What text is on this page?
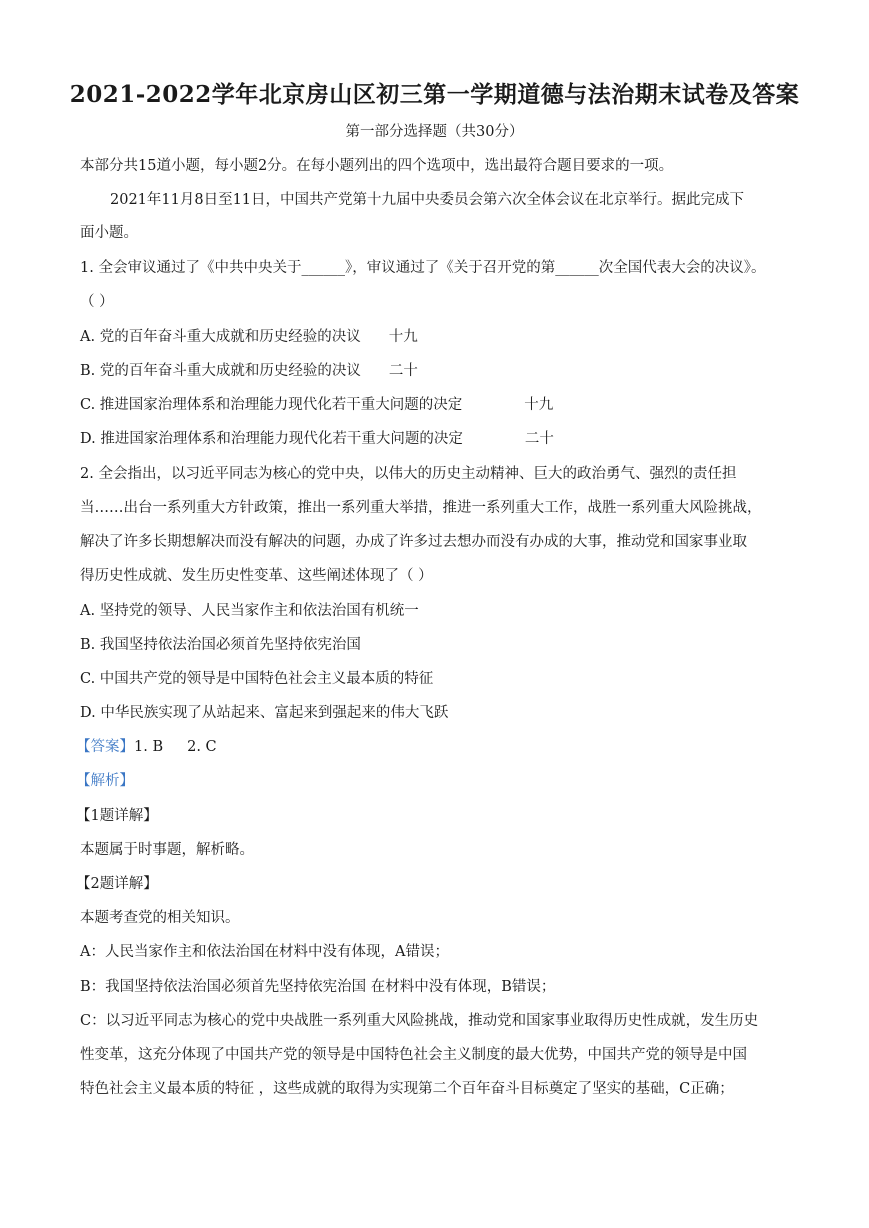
2021-2022学年北京房山区初三第一学期道德与法治期末试卷及答案
第一部分选择题（共30分）
本部分共15道小题，每小题2分。在每小题列出的四个选项中，选出最符合题目要求的一项。
2021年11月8日至11日，中国共产党第十九届中央委员会第六次全体会议在北京举行。据此完成下
面小题。
1. 全会审议通过了《中共中央关于______》，审议通过了《关于召开党的第______次全国代表大会的决议》。
（ ）
A. 党的百年奋斗重大成就和历史经验的决议 十九
B. 党的百年奋斗重大成就和历史经验的决议 二十
C. 推进国家治理体系和治理能力现代化若干重大问题的决定	十九
D. 推进国家治理体系和治理能力现代化若干重大问题的决定	二十
2. 全会指出，以习近平同志为核心的党中央，以伟大的历史主动精神、巨大的政治勇气、强烈的责任担
当……出台一系列重大方针政策，推出一系列重大举措，推进一系列重大工作，战胜一系列重大风险挑战，
解决了许多长期想解决而没有解决的问题，办成了许多过去想办而没有办成的大事，推动党和国家事业取
得历史性成就、发生历史性变革、这些阐述体现了（ ）
A. 坚持党的领导、人民当家作主和依法治国有机统一
B. 我国坚持依法治国必须首先坚持依宪治国
C. 中国共产党的领导是中国特色社会主义最本质的特征
D. 中华民族实现了从站起来、富起来到强起来的伟大飞跃
【答案】1. B 2. C
【解析】
【1题详解】
本题属于时事题，解析略。
【2题详解】
本题考查党的相关知识。
A：人民当家作主和依法治国在材料中没有体现，A错误；
B：我国坚持依法治国必须首先坚持依宪治国 在材料中没有体现，B错误；
C：以习近平同志为核心的党中央战胜一系列重大风险挑战，推动党和国家事业取得历史性成就，发生历史
性变革，这充分体现了中国共产党的领导是中国特色社会主义制度的最大优势，中国共产党的领导是中国
特色社会主义最本质的特征 ，这些成就的取得为实现第二个百年奋斗目标奠定了坚实的基础，C正确；
